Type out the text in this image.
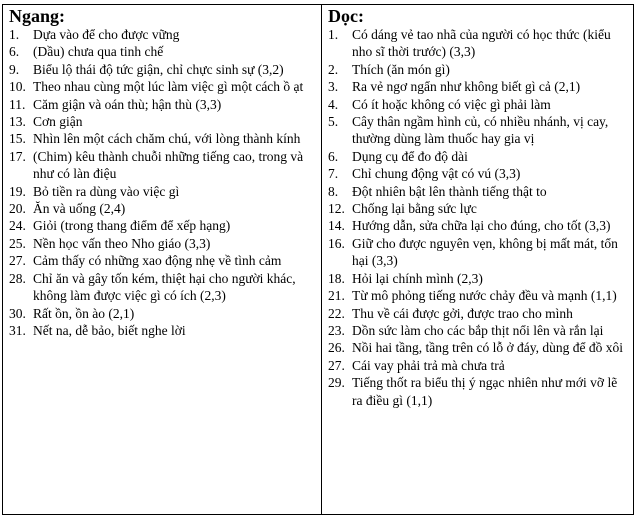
Ngang:
1.	Dựa vào để cho được vững
6.	(Dầu) chưa qua tinh chế
9.	Biểu lộ thái độ tức giận, chỉ chực sinh sự (3,2)
10. Theo nhau cùng một lúc làm việc gì một cách ồ ạt
11. Căm giận và oán thù; hận thù (3,3)
13. Cơn giận
15. Nhìn lên một cách chăm chú, với lòng thành kính
17. (Chim) kêu thành chuỗi những tiếng cao, trong và như có làn điệu
19. Bỏ tiền ra dùng vào việc gì
20. Ăn và uống (2,4)
24. Giỏi (trong thang điểm để xếp hạng)
25. Nền học vấn theo Nho giáo (3,3)
27. Cảm thấy có những xao động nhẹ về tình cảm
28. Chỉ ăn và gây tốn kém, thiệt hại cho người khác, không làm được việc gì có ích (2,3)
30. Rất ồn, ồn ào (2,1)
31. Nết na, dễ bảo, biết nghe lời
Dọc:
1.	Có dáng vẻ tao nhã của người có học thức (kiểu nho sĩ thời trước) (3,3)
2.	Thích (ăn món gì)
3.	Ra vẻ ngơ ngẩn như không biết gì cả (2,1)
4.	Có ít hoặc không có việc gì phải làm
5.	Cây thân ngầm hình củ, có nhiều nhánh, vị cay, thường dùng làm thuốc hay gia vị
6.	Dụng cụ để đo độ dài
7.	Chỉ chung động vật có vú (3,3)
8.	Đột nhiên bật lên thành tiếng thật to
12. Chống lại bằng sức lực
14. Hướng dẫn, sửa chữa lại cho đúng, cho tốt (3,3)
16. Giữ cho được nguyên vẹn, không bị mất mát, tổn hại (3,3)
18. Hỏi lại chính mình (2,3)
21. Từ mô phỏng tiếng nước chảy đều và mạnh (1,1)
22. Thu về cái được gởi, được trao cho mình
23. Dồn sức làm cho các bắp thịt nổi lên và rắn lại
26. Nồi hai tầng, tầng trên có lỗ ở đáy, dùng để đồ xôi
27. Cái vay phải trả mà chưa trả
29. Tiếng thốt ra biểu thị ý ngạc nhiên như mới vỡ lẽ ra điều gì (1,1)
